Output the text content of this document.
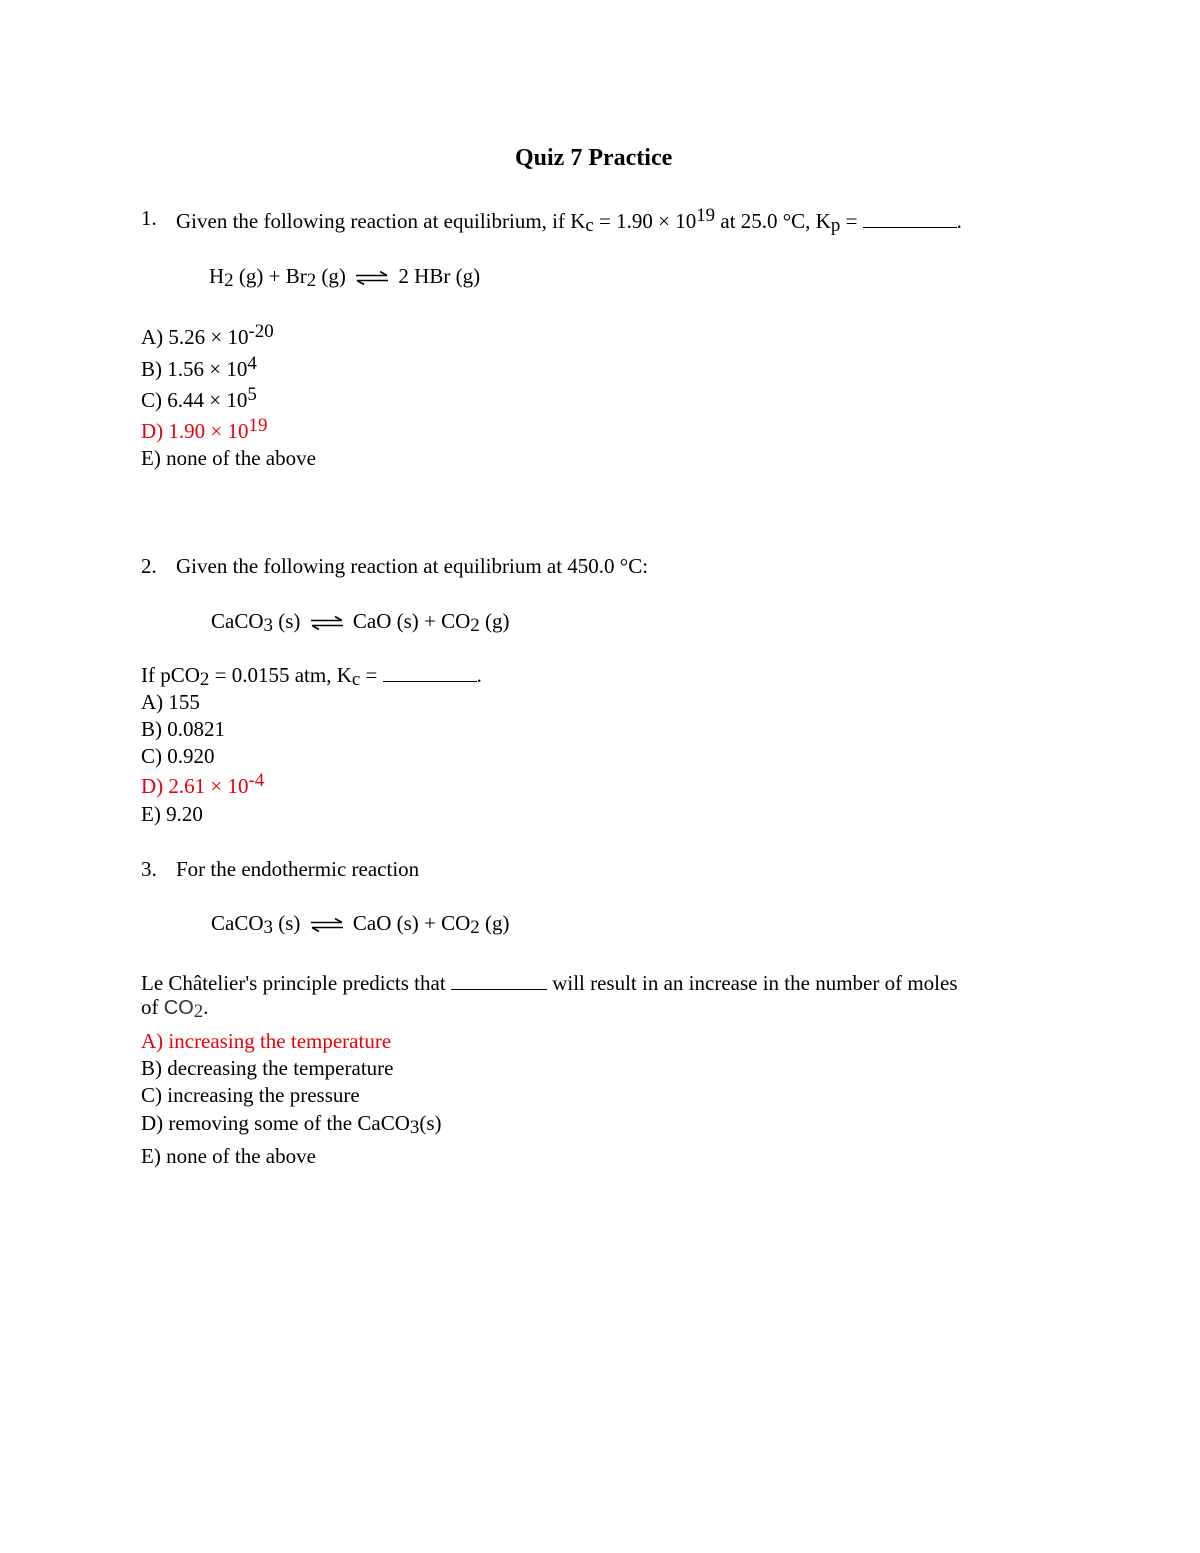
Quiz 7 Practice
1. Given the following reaction at equilibrium, if Kc = 1.90 × 1019 at 25.0 °C, Kp =	.
H2 (g) + Br2 (g) ⇌ 2 HBr (g)
A) 5.26 × 10-20
B) 1.56 × 104
C) 6.44 × 105
D) 1.90 × 1019
E) none of the above
2. Given the following reaction at equilibrium at 450.0 °C:
CaCO3 (s) ⇌ CaO (s) + CO2 (g)
If pCO2 = 0.0155 atm, Kc =	.
A) 155
B) 0.0821
C) 0.920
D) 2.61 × 10-4
E) 9.20
3. For the endothermic reaction
CaCO3 (s) ⇌ CaO (s) + CO2 (g)
Le Châtelier's principle predicts that	will result in an increase in the number of moles
of CO2.
A) increasing the temperature
B) decreasing the temperature
C) increasing the pressure
D) removing some of the CaCO3(s)
E) none of the above
